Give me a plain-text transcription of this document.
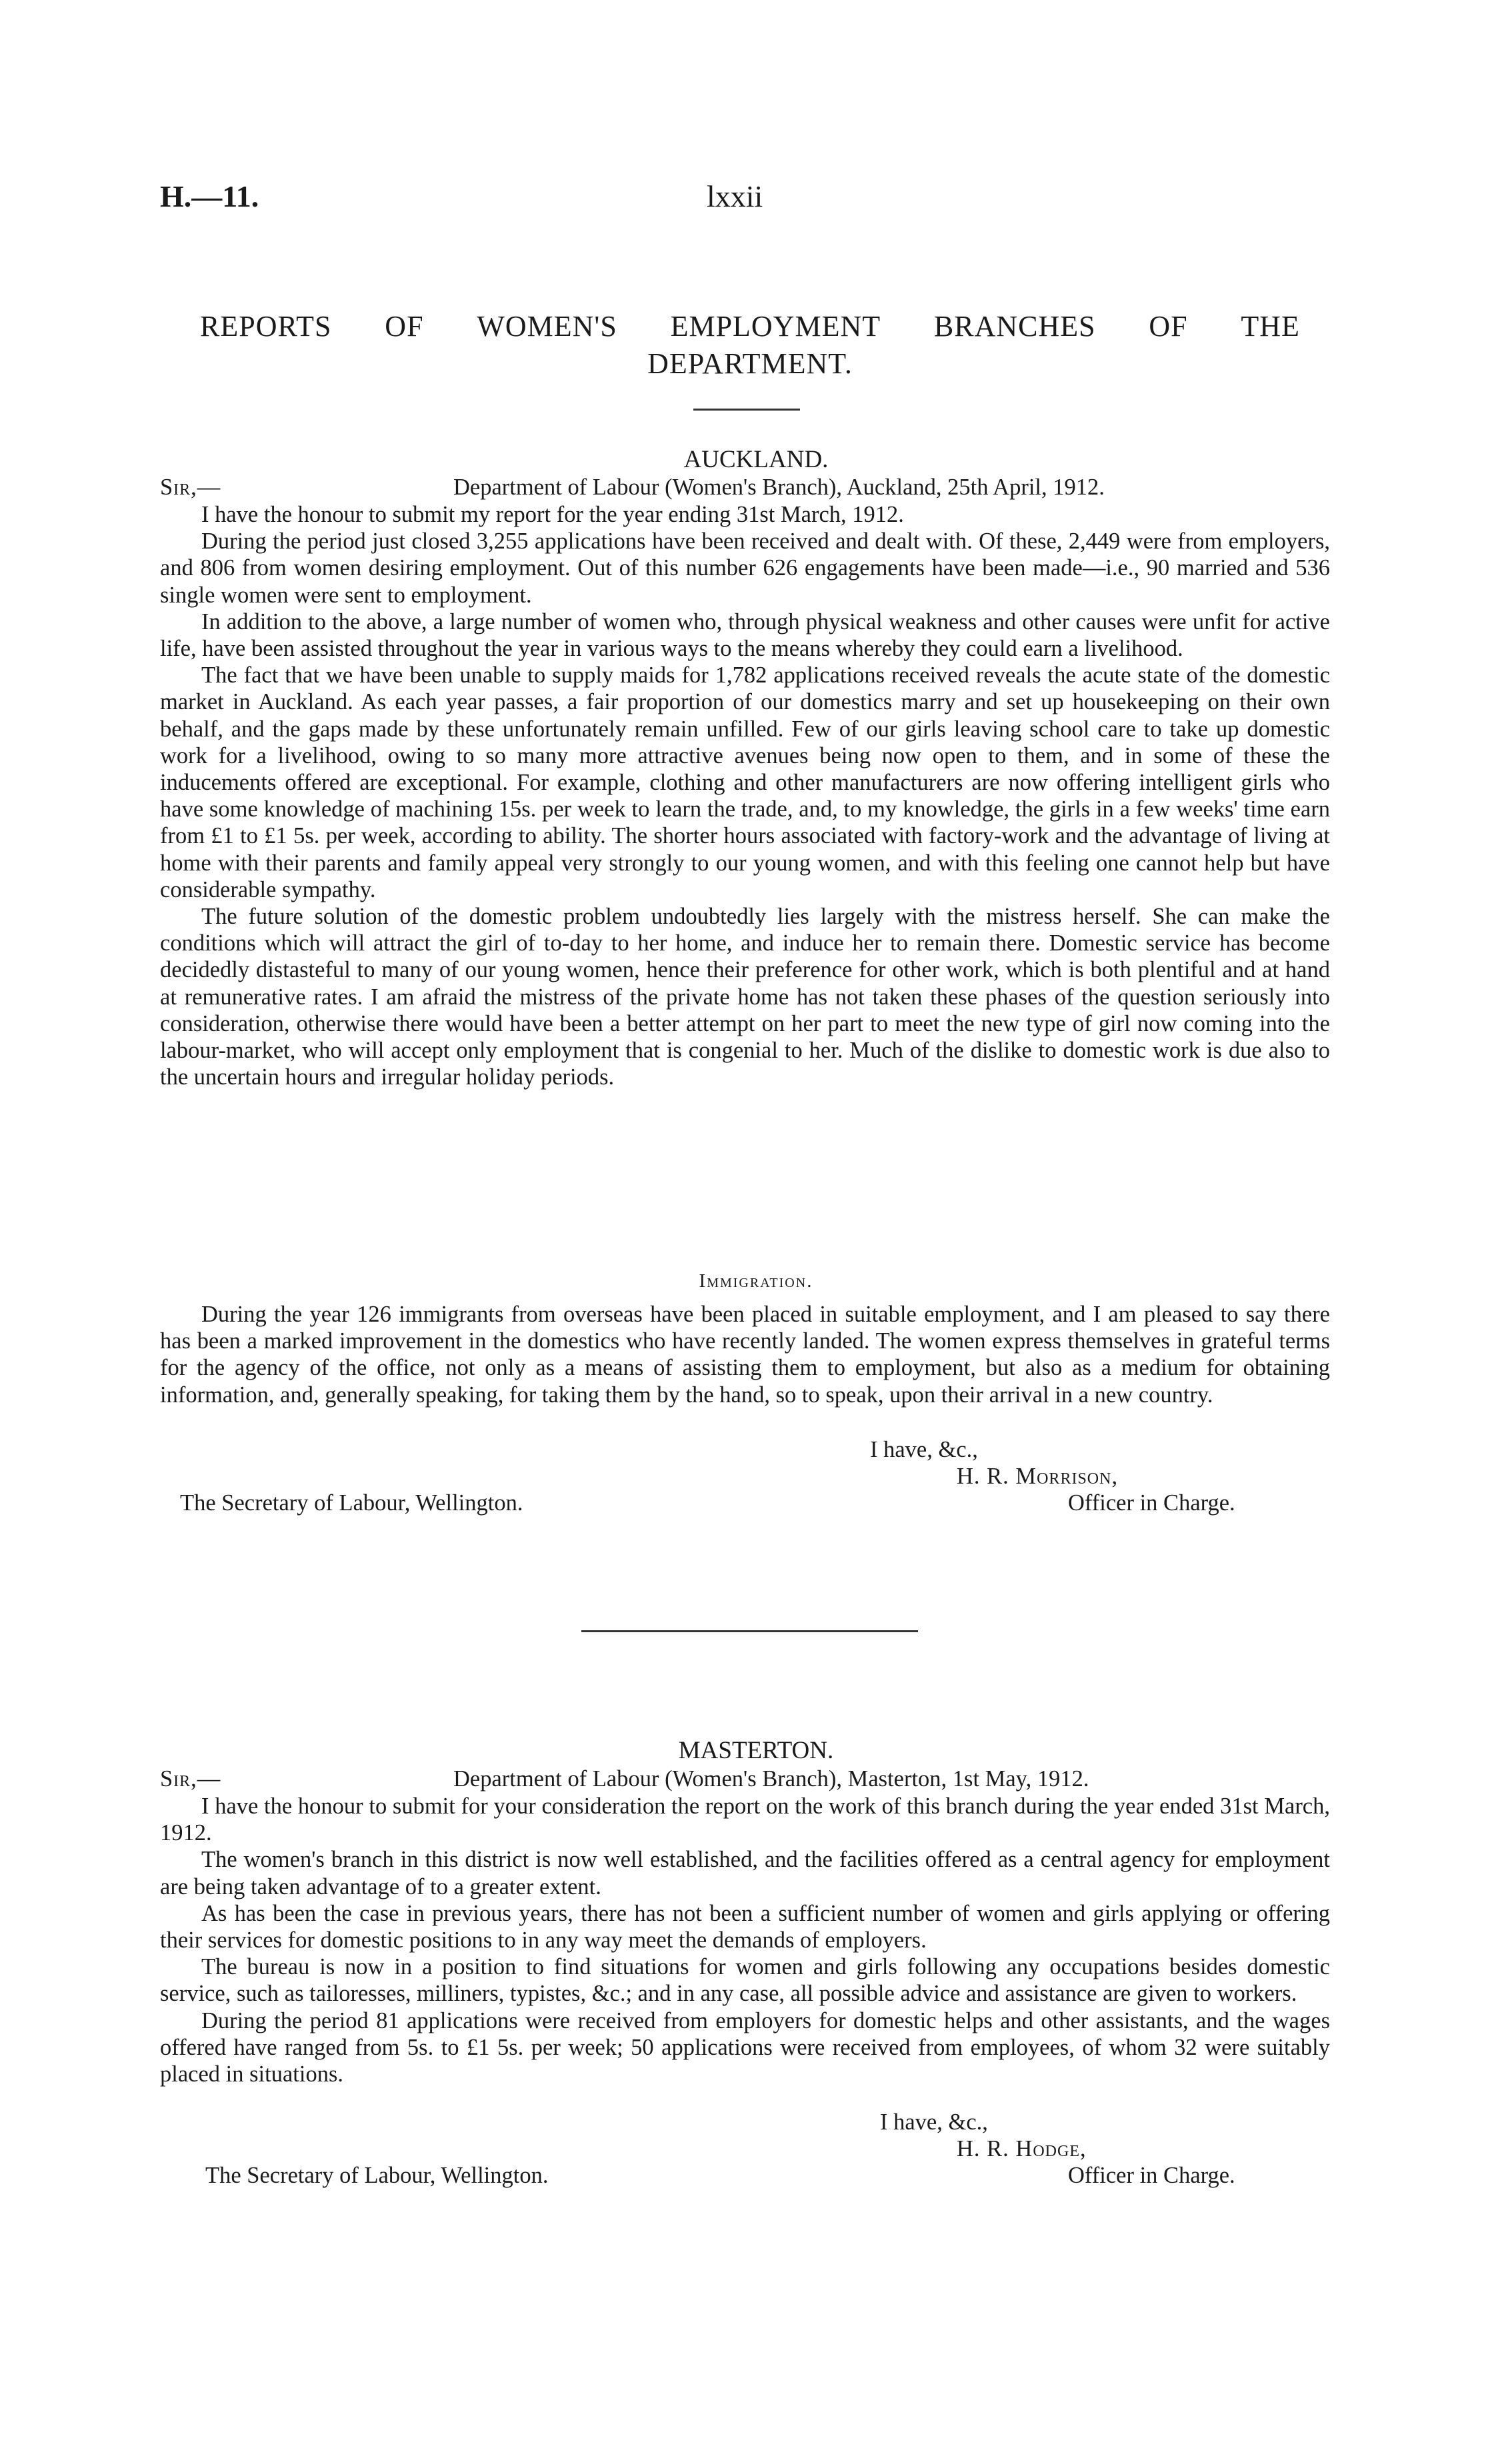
H.—11.	lxxii
REPORTS OF WOMEN'S EMPLOYMENT BRANCHES OF THE
DEPARTMENT.
AUCKLAND.
Sir,—	Department of Labour (Women's Branch), Auckland, 25th April, 1912.

I have the honour to submit my report for the year ending 31st March, 1912.

During the period just closed 3,255 applications have been received and dealt with. Of these, 2,449 were from employers, and 806 from women desiring employment. Out of this number 626 engagements have been made—i.e., 90 married and 536 single women were sent to employment.

In addition to the above, a large number of women who, through physical weakness and other causes were unfit for active life, have been assisted throughout the year in various ways to the means whereby they could earn a livelihood.

The fact that we have been unable to supply maids for 1,782 applications received reveals the acute state of the domestic market in Auckland. As each year passes, a fair proportion of our domestics marry and set up housekeeping on their own behalf, and the gaps made by these unfortunately remain unfilled. Few of our girls leaving school care to take up domestic work for a livelihood, owing to so many more attractive avenues being now open to them, and in some of these the inducements offered are exceptional. For example, clothing and other manufacturers are now offering intelligent girls who have some knowledge of machining 15s. per week to learn the trade, and, to my knowledge, the girls in a few weeks' time earn from £1 to £1 5s. per week, according to ability. The shorter hours associated with factory-work and the advantage of living at home with their parents and family appeal very strongly to our young women, and with this feeling one cannot help but have considerable sympathy.

The future solution of the domestic problem undoubtedly lies largely with the mistress herself. She can make the conditions which will attract the girl of to-day to her home, and induce her to remain there. Domestic service has become decidedly distasteful to many of our young women, hence their preference for other work, which is both plentiful and at hand at remunerative rates. I am afraid the mistress of the private home has not taken these phases of the question seriously into consideration, otherwise there would have been a better attempt on her part to meet the new type of girl now coming into the labour-market, who will accept only employment that is congenial to her. Much of the dislike to domestic work is due also to the uncertain hours and irregular holiday periods.

Immigration.

During the year 126 immigrants from overseas have been placed in suitable employment, and I am pleased to say there has been a marked improvement in the domestics who have recently landed. The women express themselves in grateful terms for the agency of the office, not only as a means of assisting them to employment, but also as a medium for obtaining information, and, generally speaking, for taking them by the hand, so to speak, upon their arrival in a new country.

I have, &c.,
H. R. Morrison,
The Secretary of Labour, Wellington.	Officer in Charge.
MASTERTON.
Sir,—	Department of Labour (Women's Branch), Masterton, 1st May, 1912.

I have the honour to submit for your consideration the report on the work of this branch during the year ended 31st March, 1912.

The women's branch in this district is now well established, and the facilities offered as a central agency for employment are being taken advantage of to a greater extent.

As has been the case in previous years, there has not been a sufficient number of women and girls applying or offering their services for domestic positions to in any way meet the demands of employers.

The bureau is now in a position to find situations for women and girls following any occupations besides domestic service, such as tailoresses, milliners, typistes, &c.; and in any case, all possible advice and assistance are given to workers.

During the period 81 applications were received from employers for domestic helps and other assistants, and the wages offered have ranged from 5s. to £1 5s. per week; 50 applications were received from employees, of whom 32 were suitably placed in situations.

I have, &c.,
H. R. Hodge,
The Secretary of Labour, Wellington.	Officer in Charge.
